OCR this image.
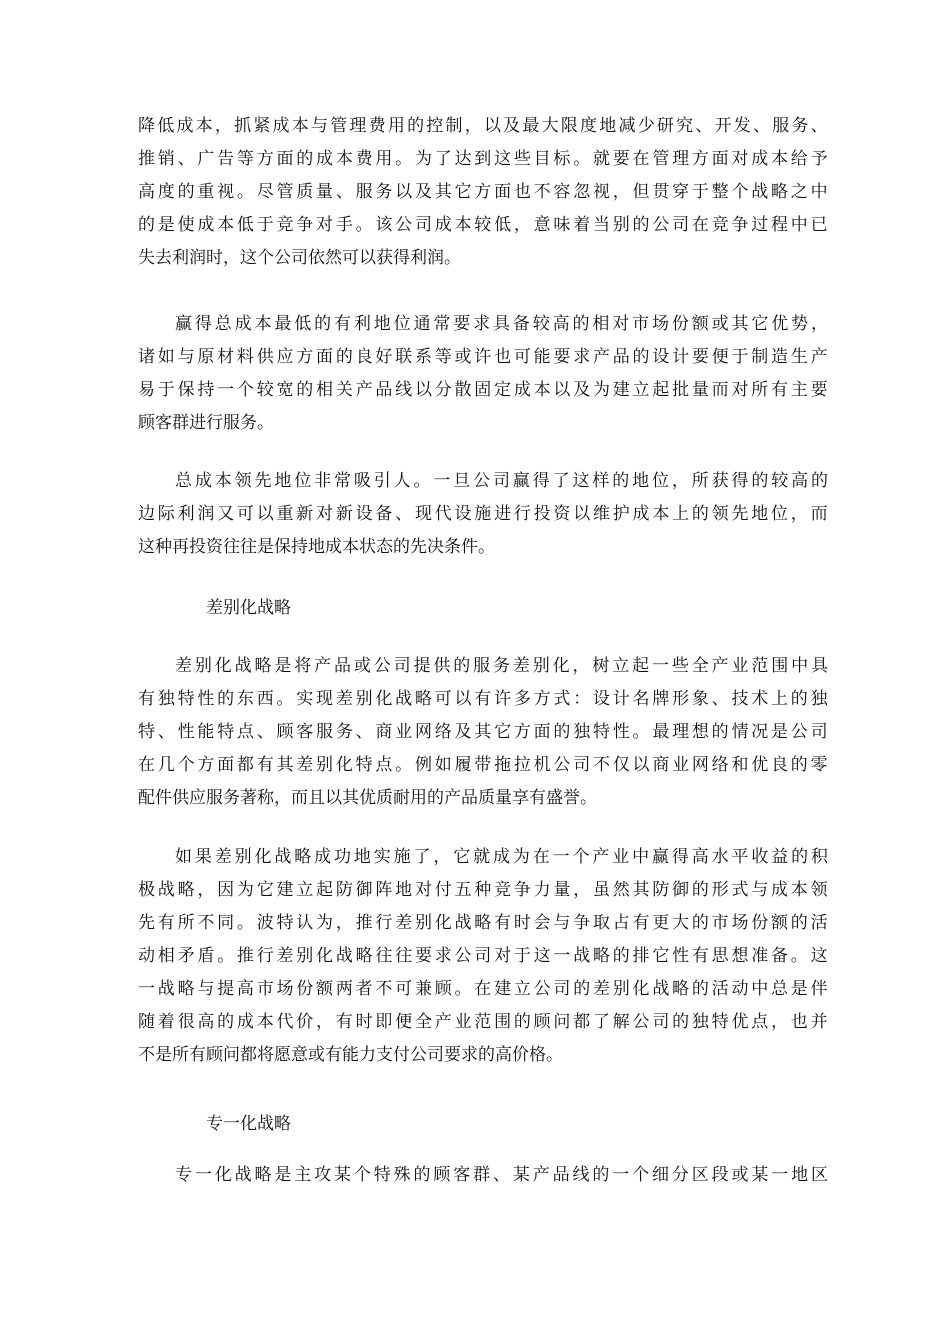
降 低 成 本 ， 抓 紧 成 本 与 管 理 费 用 的 控 制 ， 以 及 最 大 限 度 地 减 少 研 究 、 开 发 、 服 务 、
推 销 、 广 告 等 方 面 的 成 本 费 用 。 为 了 达 到 这 些 目 标 。 就 要 在 管 理 方 面 对 成 本 给 予
高 度 的 重 视 。 尽 管 质 量 、 服 务 以 及 其 它 方 面 也 不 容 忽 视 ， 但 贯 穿 于 整 个 战 略 之 中
的 是 使 成 本 低 于 竞 争 对 手 。 该 公 司 成 本 较 低 ， 意 味 着 当 别 的 公 司 在 竞 争 过 程 中 已
失去利润时，这个公司依然可以获得利润。
赢 得 总 成 本 最 低 的 有 利 地 位 通 常 要 求 具 备 较 高 的 相 对 市 场 份 额 或 其 它 优 势 ，
诸 如 与 原 材 料 供 应 方 面 的 良 好 联 系 等 或 许 也 可 能 要 求 产 品 的 设 计 要 便 于 制 造 生 产
易 于 保 持 一 个 较 宽 的 相 关 产 品 线 以 分 散 固 定 成 本 以 及 为 建 立 起 批 量 而 对 所 有 主 要
顾客群进行服务。
总 成 本 领 先 地 位 非 常 吸 引 人 。 一 旦 公 司 赢 得 了 这 样 的 地 位 ， 所 获 得 的 较 高 的
边 际 利 润 又 可 以 重 新 对 新 设 备 、 现 代 设 施 进 行 投 资 以 维 护 成 本 上 的 领 先 地 位 ， 而
这种再投资往往是保持地成本状态的先决条件。
差别化战略
差 别 化 战 略 是 将 产 品 或 公 司 提 供 的 服 务 差 别 化 ， 树 立 起 一 些 全 产 业 范 围 中 具
有 独 特 性 的 东 西 。 实 现 差 别 化 战 略 可 以 有 许 多 方 式 ： 设 计 名 牌 形 象 、 技 术 上 的 独
特 、 性 能 特 点 、 顾 客 服 务 、 商 业 网 络 及 其 它 方 面 的 独 特 性 。 最 理 想 的 情 况 是 公 司
在 几 个 方 面 都 有 其 差 别 化 特 点 。 例 如 履 带 拖 拉 机 公 司 不 仅 以 商 业 网 络 和 优 良 的 零
配件供应服务著称，而且以其优质耐用的产品质量享有盛誉。
如 果 差 别 化 战 略 成 功 地 实 施 了 ， 它 就 成 为 在 一 个 产 业 中 赢 得 高 水 平 收 益 的 积
极 战 略 ， 因 为 它 建 立 起 防 御 阵 地 对 付 五 种 竞 争 力 量 ， 虽 然 其 防 御 的 形 式 与 成 本 领
先 有 所 不 同 。 波 特 认 为 ， 推 行 差 别 化 战 略 有 时 会 与 争 取 占 有 更 大 的 市 场 份 额 的 活
动 相 矛 盾 。 推 行 差 别 化 战 略 往 往 要 求 公 司 对 于 这 一 战 略 的 排 它 性 有 思 想 准 备 。 这
一 战 略 与 提 高 市 场 份 额 两 者 不 可 兼 顾 。 在 建 立 公 司 的 差 别 化 战 略 的 活 动 中 总 是 伴
随 着 很 高 的 成 本 代 价 ， 有 时 即 便 全 产 业 范 围 的 顾 问 都 了 解 公 司 的 独 特 优 点 ， 也 并
不是所有顾问都将愿意或有能力支付公司要求的高价格。
专一化战略
专 一 化 战 略 是 主 攻 某 个 特 殊 的 顾 客 群 、 某 产 品 线 的 一 个 细 分 区 段 或 某 一 地 区
